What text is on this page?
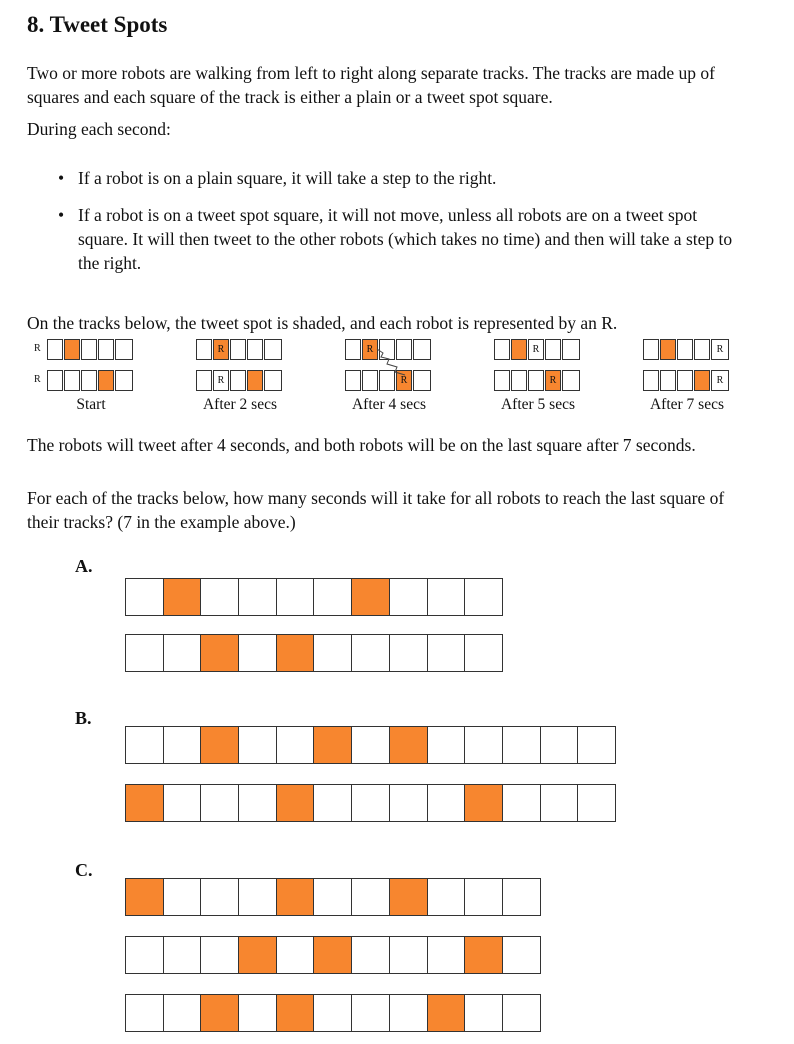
8. Tweet Spots

Two or more robots are walking from left to right along separate tracks. The tracks are made up of squares and each square of the track is either a plain or a tweet spot square.

During each second:

• If a robot is on a plain square, it will take a step to the right.
• If a robot is on a tweet spot square, it will not move, unless all robots are on a tweet spot square. It will then tweet to the other robots (which takes no time) and then will take a step to the right.

On the tracks below, the tweet spot is shaded, and each robot is represented by an R.

R
R
Start
R
R
After 2 secs
R
R
After 4 secs
R
R
After 5 secs
R
R
After 7 secs

The robots will tweet after 4 seconds, and both robots will be on the last square after 7 seconds.

For each of the tracks below, how many seconds will it take for all robots to reach the last square of their tracks? (7 in the example above.)

A.
B.
C.
